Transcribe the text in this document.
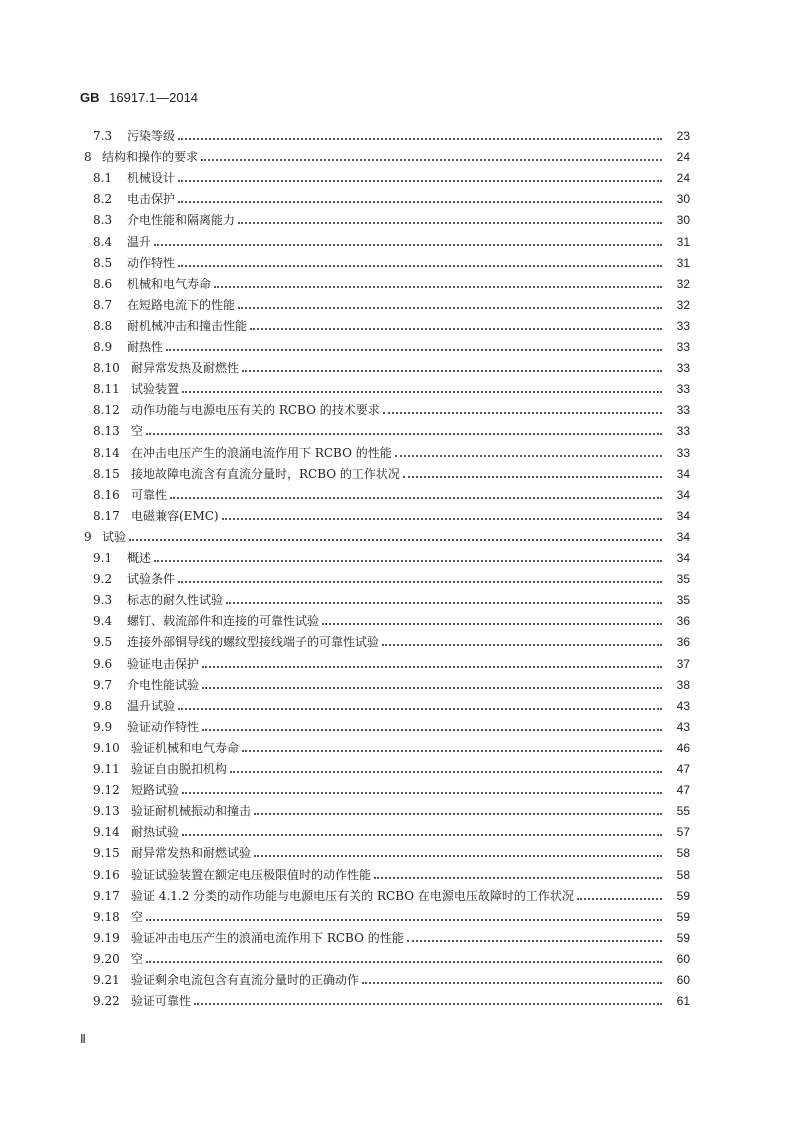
GB 16917.1—2014
7.3	污染等级	23
8 结构和操作的要求	24
8.1	机械设计	24
8.2	电击保护	30
8.3	介电性能和隔离能力	30
8.4	温升	31
8.5	动作特性	31
8.6	机械和电气寿命	32
8.7	在短路电流下的性能	32
8.8	耐机械冲击和撞击性能	33
8.9	耐热性	33
8.10 耐异常发热及耐燃性	33
8.11 试验装置	33
8.12 动作功能与电源电压有关的 RCBO 的技术要求	33
8.13 空	33
8.14 在冲击电压产生的浪涌电流作用下 RCBO 的性能	33
8.15 接地故障电流含有直流分量时，RCBO 的工作状况	34
8.16 可靠性	34
8.17 电磁兼容(EMC)	34
9 试验	34
9.1	概述	34
9.2	试验条件	35
9.3	标志的耐久性试验	35
9.4	螺钉、载流部件和连接的可靠性试验	36
9.5	连接外部铜导线的螺纹型接线端子的可靠性试验	36
9.6	验证电击保护	37
9.7	介电性能试验	38
9.8	温升试验	43
9.9	验证动作特性	43
9.10 验证机械和电气寿命	46
9.11 验证自由脱扣机构	47
9.12 短路试验	47
9.13 验证耐机械振动和撞击	55
9.14 耐热试验	57
9.15 耐异常发热和耐燃试验	58
9.16 验证试验装置在额定电压极限值时的动作性能	58
9.17 验证 4.1.2 分类的动作功能与电源电压有关的 RCBO 在电源电压故障时的工作状况	59
9.18 空	59
9.19 验证冲击电压产生的浪涌电流作用下 RCBO 的性能	59
9.20 空	60
9.21 验证剩余电流包含有直流分量时的正确动作	60
9.22 验证可靠性	61
Ⅱ
